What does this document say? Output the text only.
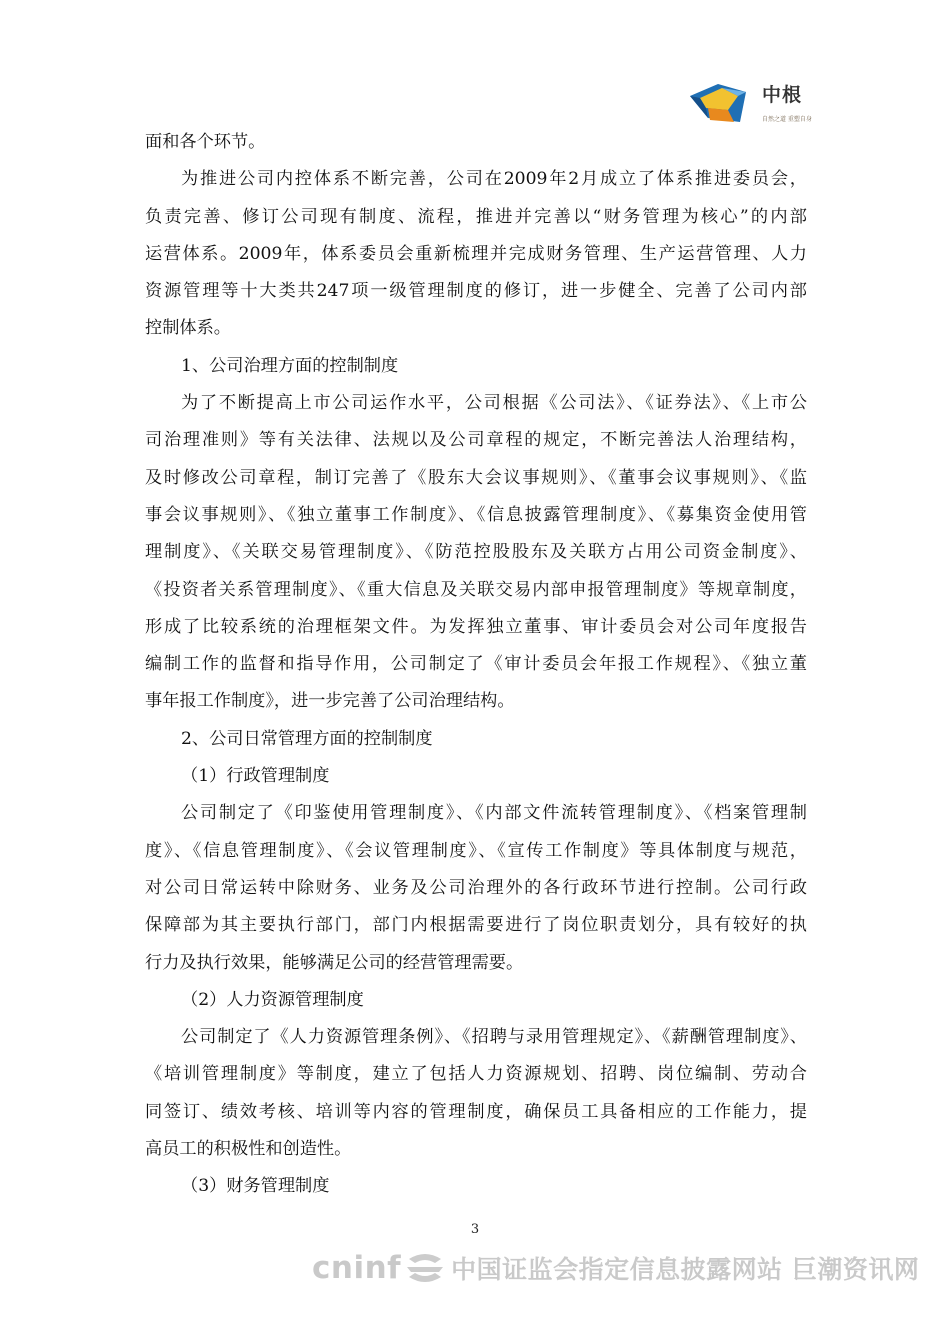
中根
自然之道 重塑自身
面和各个环节。
为推进公司内控体系不断完善，公司在2009年2月成立了体系推进委员会，
负责完善、修订公司现有制度、流程，推进并完善以“财务管理为核心”的内部
运营体系。2009年，体系委员会重新梳理并完成财务管理、生产运营管理、人力
资源管理等十大类共247项一级管理制度的修订，进一步健全、完善了公司内部
控制体系。
1、公司治理方面的控制制度
为了不断提高上市公司运作水平，公司根据《公司法》、《证券法》、《上市公
司治理准则》等有关法律、法规以及公司章程的规定，不断完善法人治理结构，
及时修改公司章程，制订完善了《股东大会议事规则》、《董事会议事规则》、《监
事会议事规则》、《独立董事工作制度》、《信息披露管理制度》、《募集资金使用管
理制度》、《关联交易管理制度》、《防范控股股东及关联方占用公司资金制度》、
《投资者关系管理制度》、《重大信息及关联交易内部申报管理制度》等规章制度，
形成了比较系统的治理框架文件。为发挥独立董事、审计委员会对公司年度报告
编制工作的监督和指导作用，公司制定了《审计委员会年报工作规程》、《独立董
事年报工作制度》，进一步完善了公司治理结构。
2、公司日常管理方面的控制制度
（1）行政管理制度
公司制定了《印鉴使用管理制度》、《内部文件流转管理制度》、《档案管理制
度》、《信息管理制度》、《会议管理制度》、《宣传工作制度》等具体制度与规范，
对公司日常运转中除财务、业务及公司治理外的各行政环节进行控制。公司行政
保障部为其主要执行部门，部门内根据需要进行了岗位职责划分，具有较好的执
行力及执行效果，能够满足公司的经营管理需要。
（2）人力资源管理制度
公司制定了《人力资源管理条例》、《招聘与录用管理规定》、《薪酬管理制度》、
《培训管理制度》等制度，建立了包括人力资源规划、招聘、岗位编制、劳动合
同签订、绩效考核、培训等内容的管理制度，确保员工具备相应的工作能力，提
高员工的积极性和创造性。
（3）财务管理制度
3
cninf 中国证监会指定信息披露网站 巨潮资讯网
